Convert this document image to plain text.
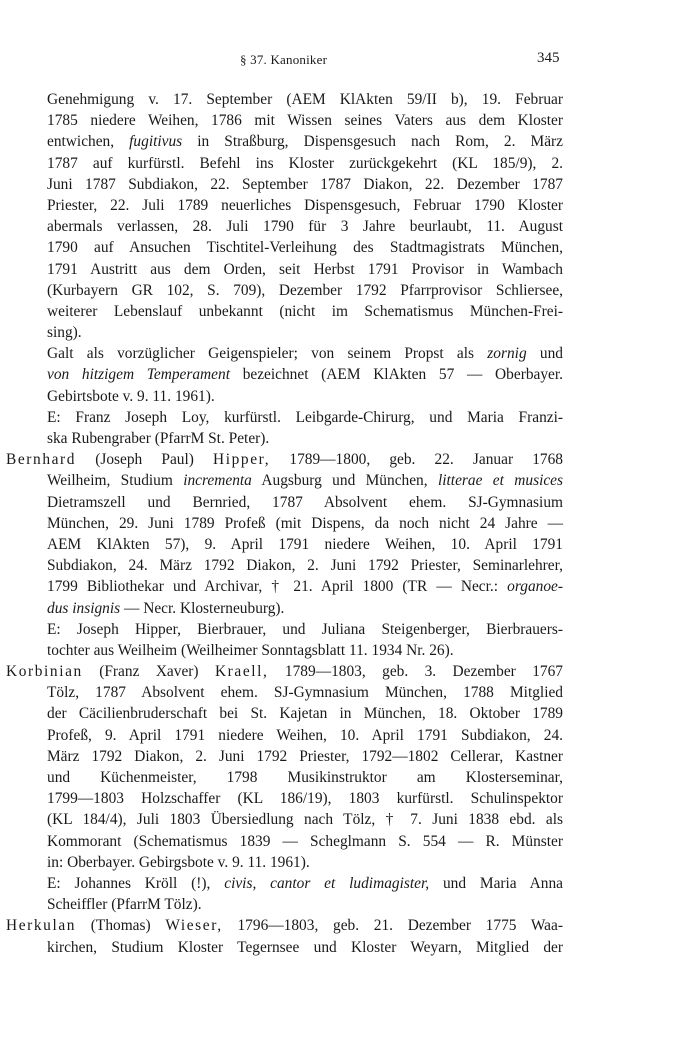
§ 37. Kanoniker	345
Genehmigung v. 17. September (AEM KlAkten 59/II b), 19. Februar
1785 niedere Weihen, 1786 mit Wissen seines Vaters aus dem Kloster
entwichen, fugitivus in Straßburg, Dispensgesuch nach Rom, 2. März
1787 auf kurfürstl. Befehl ins Kloster zurückgekehrt (KL 185/9), 2.
Juni 1787 Subdiakon, 22. September 1787 Diakon, 22. Dezember 1787
Priester, 22. Juli 1789 neuerliches Dispensgesuch, Februar 1790 Kloster
abermals verlassen, 28. Juli 1790 für 3 Jahre beurlaubt, 11. August
1790 auf Ansuchen Tischtitel-Verleihung des Stadtmagistrats München,
1791 Austritt aus dem Orden, seit Herbst 1791 Provisor in Wambach
(Kurbayern GR 102, S. 709), Dezember 1792 Pfarrprovisor Schliersee,
weiterer Lebenslauf unbekannt (nicht im Schematismus München-Frei-
sing).
Galt als vorzüglicher Geigenspieler; von seinem Propst als zornig und
von hitzigem Temperament bezeichnet (AEM KlAkten 57 — Oberbayer.
Gebirtsbote v. 9. 11. 1961).
E: Franz Joseph Loy, kurfürstl. Leibgarde-Chirurg, und Maria Franzi-
ska Rubengraber (PfarrM St. Peter).
Bernhard (Joseph Paul) Hipper, 1789—1800, geb. 22. Januar 1768
Weilheim, Studium incrementa Augsburg und München, litterae et musices
Dietramszell und Bernried, 1787 Absolvent ehem. SJ-Gymnasium
München, 29. Juni 1789 Profeß (mit Dispens, da noch nicht 24 Jahre —
AEM KlAkten 57), 9. April 1791 niedere Weihen, 10. April 1791
Subdiakon, 24. März 1792 Diakon, 2. Juni 1792 Priester, Seminarlehrer,
1799 Bibliothekar und Archivar, † 21. April 1800 (TR — Necr.: organoe-
dus insignis — Necr. Klosterneuburg).
E: Joseph Hipper, Bierbrauer, und Juliana Steigenberger, Bierbrauers-
tochter aus Weilheim (Weilheimer Sonntagsblatt 11. 1934 Nr. 26).
Korbinian (Franz Xaver) Kraell, 1789—1803, geb. 3. Dezember 1767
Tölz, 1787 Absolvent ehem. SJ-Gymnasium München, 1788 Mitglied
der Cäcilienbruderschaft bei St. Kajetan in München, 18. Oktober 1789
Profeß, 9. April 1791 niedere Weihen, 10. April 1791 Subdiakon, 24.
März 1792 Diakon, 2. Juni 1792 Priester, 1792—1802 Cellerar, Kastner
und Küchenmeister, 1798 Musikinstruktor am Klosterseminar,
1799—1803 Holzschaffer (KL 186/19), 1803 kurfürstl. Schulinspektor
(KL 184/4), Juli 1803 Übersiedlung nach Tölz, † 7. Juni 1838 ebd. als
Kommorant (Schematismus 1839 — Scheglmann S. 554 — R. Münster
in: Oberbayer. Gebirgsbote v. 9. 11. 1961).
E: Johannes Kröll (!), civis, cantor et ludimagister, und Maria Anna
Scheiffler (PfarrM Tölz).
Herkulan (Thomas) Wieser, 1796—1803, geb. 21. Dezember 1775 Waa-
kirchen, Studium Kloster Tegernsee und Kloster Weyarn, Mitglied der
